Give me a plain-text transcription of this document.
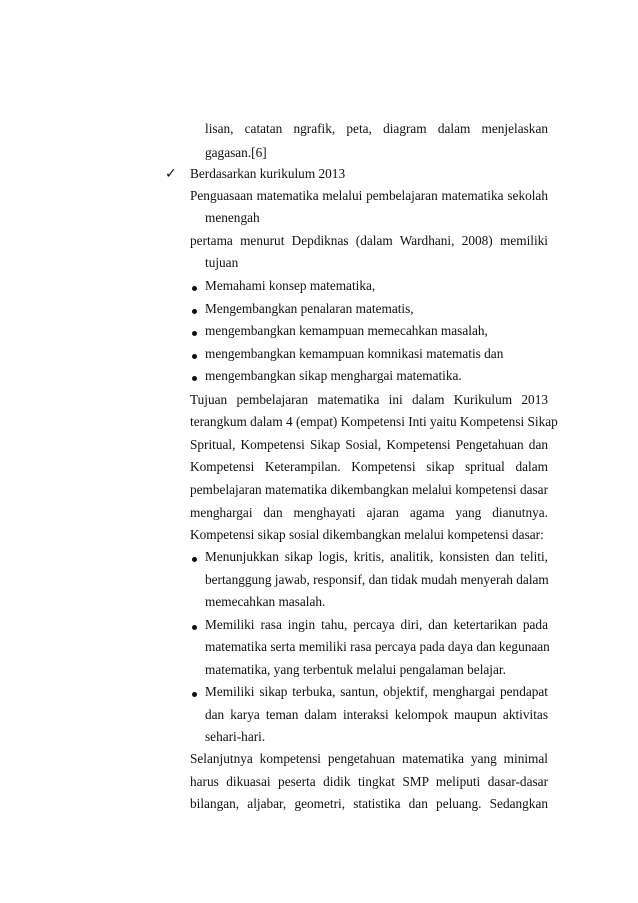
lisan, catatan ngrafik, peta, diagram dalam menjelaskan
gagasan.[6]
✓ Berdasarkan kurikulum 2013
Penguasaan matematika melalui pembelajaran matematika sekolah
menengah
pertama menurut Depdiknas (dalam Wardhani, 2008) memiliki
tujuan
Memahami konsep matematika,
Mengembangkan penalaran matematis,
mengembangkan kemampuan memecahkan masalah,
mengembangkan kemampuan komnikasi matematis dan
mengembangkan sikap menghargai matematika.
Tujuan pembelajaran matematika ini dalam Kurikulum 2013
terangkum dalam 4 (empat) Kompetensi Inti yaitu Kompetensi Sikap
Spritual, Kompetensi Sikap Sosial, Kompetensi Pengetahuan dan
Kompetensi Keterampilan. Kompetensi sikap spritual dalam
pembelajaran matematika dikembangkan melalui kompetensi dasar
menghargai dan menghayati ajaran agama yang dianutnya.
Kompetensi sikap sosial dikembangkan melalui kompetensi dasar:
Menunjukkan sikap logis, kritis, analitik, konsisten dan teliti,
bertanggung jawab, responsif, dan tidak mudah menyerah dalam
memecahkan masalah.
Memiliki rasa ingin tahu, percaya diri, dan ketertarikan pada
matematika serta memiliki rasa percaya pada daya dan kegunaan
matematika, yang terbentuk melalui pengalaman belajar.
Memiliki sikap terbuka, santun, objektif, menghargai pendapat
dan karya teman dalam interaksi kelompok maupun aktivitas
sehari-hari.
Selanjutnya kompetensi pengetahuan matematika yang minimal
harus dikuasai peserta didik tingkat SMP meliputi dasar-dasar
bilangan, aljabar, geometri, statistika dan peluang. Sedangkan
